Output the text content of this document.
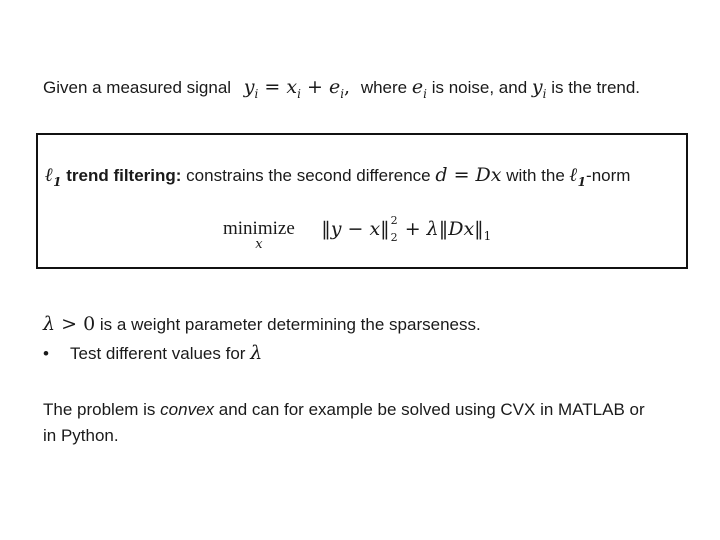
Given a measured signal $y_i = x_i + e_i$, where $e_i$ is noise, and $y_i$ is the trend.
ℓ$_1$ trend filtering: constrains the second difference d = Dx with the ℓ$_1$-norm
minimize
x
‖y − x‖ 2
$2 + \lambda‖Dx‖_1$
λ > 0 is a weight parameter determining the sparseness.
• Test different values for λ
The problem is convex and can for example be solved using CVX in MATLAB or
in Python.
